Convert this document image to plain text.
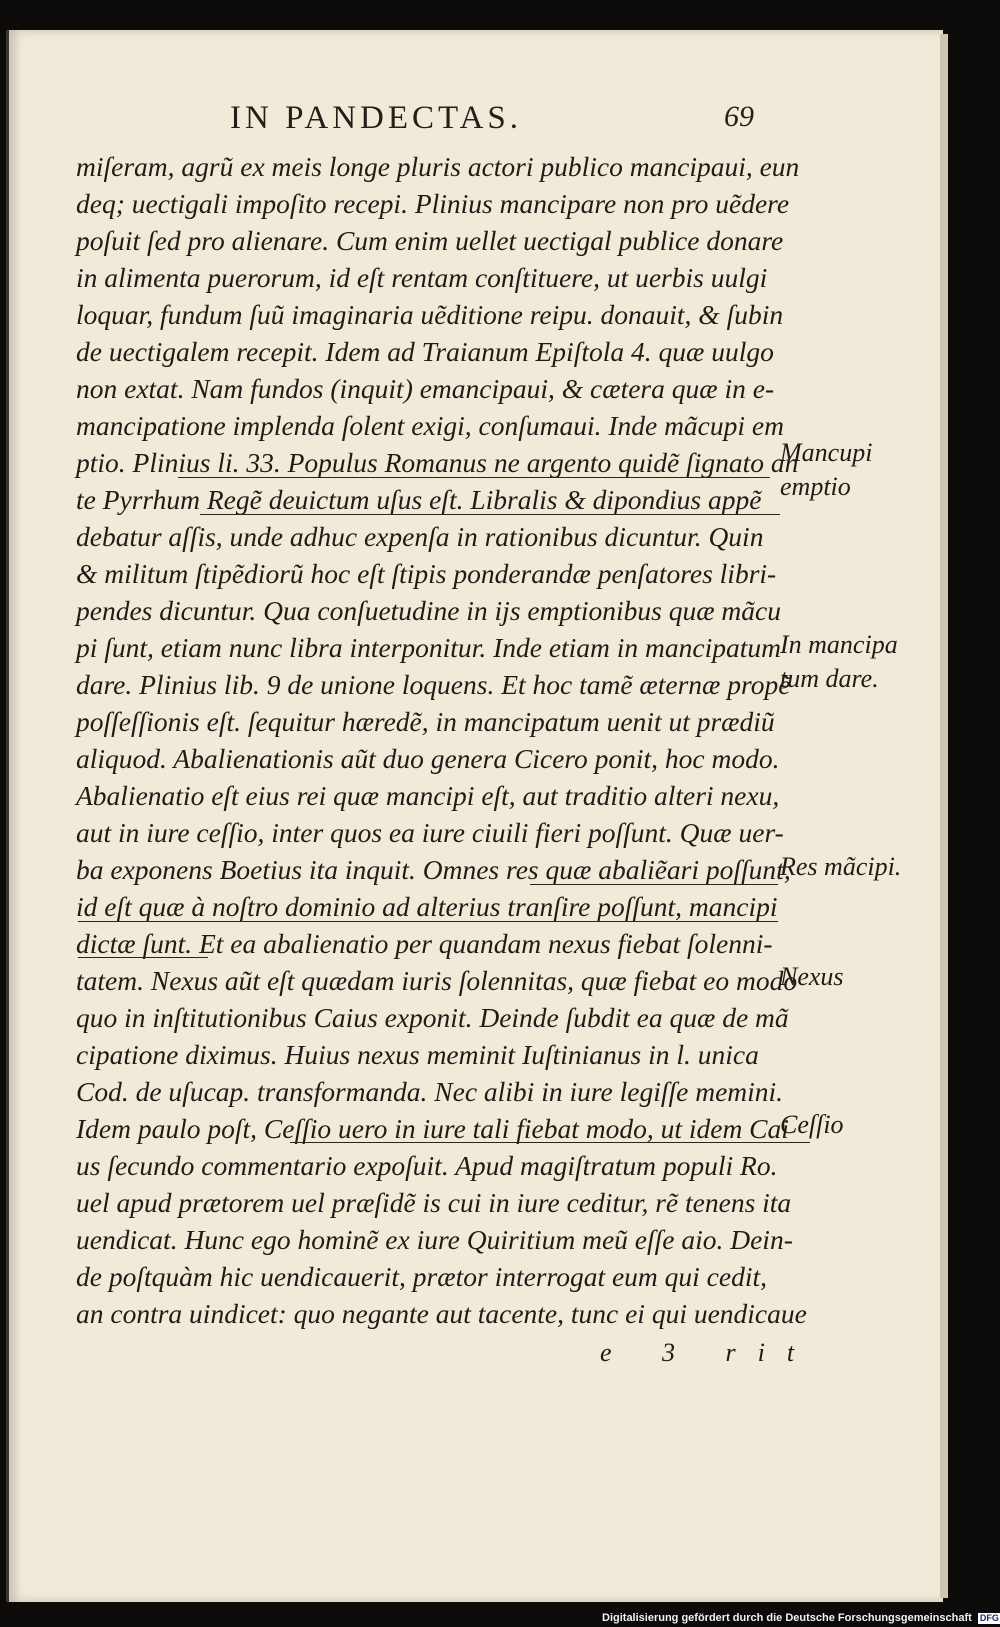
IN PANDECTAS.	69
miſeram, agrũ ex meis longe pluris actori publico mancipaui, eun
deq; uectigali impoſito recepi. Plinius mancipare non pro uẽdere
poſuit ſed pro alienare. Cum enim uellet uectigal publice donare
in alimenta puerorum, id eſt rentam conſtituere, ut uerbis uulgi
loquar, fundum ſuũ imaginaria uẽditione reipu. donauit, & ſubin
de uectigalem recepit. Idem ad Traianum Epiſtola 4. quæ uulgo
non extat. Nam fundos (inquit) emancipaui, & cætera quæ in e-
mancipatione implenda ſolent exigi, conſumaui. Inde mãcupi em
ptio. Plinius li. 33. Populus Romanus ne argento quidẽ ſignato an
te Pyrrhum Regẽ deuictum uſus eſt. Libralis & dipondius appẽ
debatur aſſis, unde adhuc expenſa in rationibus dicuntur. Quin
& militum ſtipẽdiorũ hoc eſt ſtipis ponderandæ penſatores libri-
pendes dicuntur. Qua conſuetudine in ijs emptionibus quæ mãcu
pi ſunt, etiam nunc libra interponitur. Inde etiam in mancipatum
dare. Plinius lib. 9 de unione loquens. Et hoc tamẽ æternæ propẽ
poſſeſſionis eſt. ſequitur hæredẽ, in mancipatum uenit ut prædiũ
aliquod. Abalienationis aũt duo genera Cicero ponit, hoc modo.
Abalienatio eſt eius rei quæ mancipi eſt, aut traditio alteri nexu,
aut in iure ceſſio, inter quos ea iure ciuili fieri poſſunt. Quæ uer-
ba exponens Boetius ita inquit. Omnes res quæ abaliẽari poſſunt,
id eſt quæ à noſtro dominio ad alterius tranſire poſſunt, mancipi
dictæ ſunt. Et ea abalienatio per quandam nexus fiebat ſolenni-
tatem. Nexus aũt eſt quædam iuris ſolennitas, quæ fiebat eo modo
quo in inſtitutionibus Caius exponit. Deinde ſubdit ea quæ de mã
cipatione diximus. Huius nexus meminit Iuſtinianus in l. unica
Cod. de uſucap. transformanda. Nec alibi in iure legiſſe memini.
Idem paulo poſt, Ceſſio uero in iure tali fiebat modo, ut idem Cai
us ſecundo commentario expoſuit. Apud magiſtratum populi Ro.
uel apud prætorem uel præſidẽ is cui in iure ceditur, rẽ tenens ita
uendicat. Hunc ego hominẽ ex iure Quiritium meũ eſſe aio. Dein-
de poſtquàm hic uendicauerit, prætor interrogat eum qui cedit,
an contra uindicet: quo negante aut tacente, tunc ei qui uendicaue
Mancupi
emptio
In mancipa
tum dare.
Res mãcipi.
Nexus
Ceſſio
e 3 rit
Digitalisierung gefördert durch die Deutsche Forschungsgemeinschaft DFG
